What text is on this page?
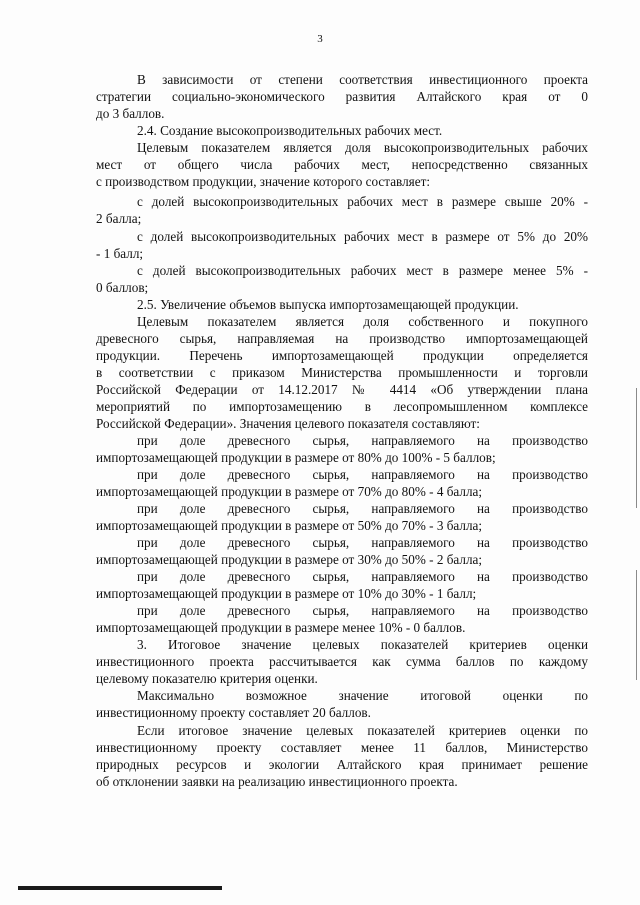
3
В зависимости от степени соответствия инвестиционного проекта
стратегии социально-экономического развития Алтайского края от 0
до 3 баллов.
2.4. Создание высокопроизводительных рабочих мест.
Целевым показателем является доля высокопроизводительных рабочих
мест от общего числа рабочих мест, непосредственно связанных
с производством продукции, значение которого составляет:
с долей высокопроизводительных рабочих мест в размере свыше 20% -
2 балла;
с долей высокопроизводительных рабочих мест в размере от 5% до 20%
- 1 балл;
с долей высокопроизводительных рабочих мест в размере менее 5% -
0 баллов;
2.5. Увеличение объемов выпуска импортозамещающей продукции.
Целевым показателем является доля собственного и покупного
древесного сырья, направляемая на производство импортозамещающей
продукции. Перечень импортозамещающей продукции определяется
в соответствии с приказом Министерства промышленности и торговли
Российской Федерации от 14.12.2017 № 4414 «Об утверждении плана
мероприятий по импортозамещению в лесопромышленном комплексе
Российской Федерации». Значения целевого показателя составляют:
при доле древесного сырья, направляемого на производство
импортозамещающей продукции в размере от 80% до 100% - 5 баллов;
при доле древесного сырья, направляемого на производство
импортозамещающей продукции в размере от 70% до 80% - 4 балла;
при доле древесного сырья, направляемого на производство
импортозамещающей продукции в размере от 50% до 70% - 3 балла;
при доле древесного сырья, направляемого на производство
импортозамещающей продукции в размере от 30% до 50% - 2 балла;
при доле древесного сырья, направляемого на производство
импортозамещающей продукции в размере от 10% до 30% - 1 балл;
при доле древесного сырья, направляемого на производство
импортозамещающей продукции в размере менее 10% - 0 баллов.
3. Итоговое значение целевых показателей критериев оценки
инвестиционного проекта рассчитывается как сумма баллов по каждому
целевому показателю критерия оценки.
Максимально возможное значение итоговой оценки по
инвестиционному проекту составляет 20 баллов.
Если итоговое значение целевых показателей критериев оценки по
инвестиционному проекту составляет менее 11 баллов, Министерство
природных ресурсов и экологии Алтайского края принимает решение
об отклонении заявки на реализацию инвестиционного проекта.
